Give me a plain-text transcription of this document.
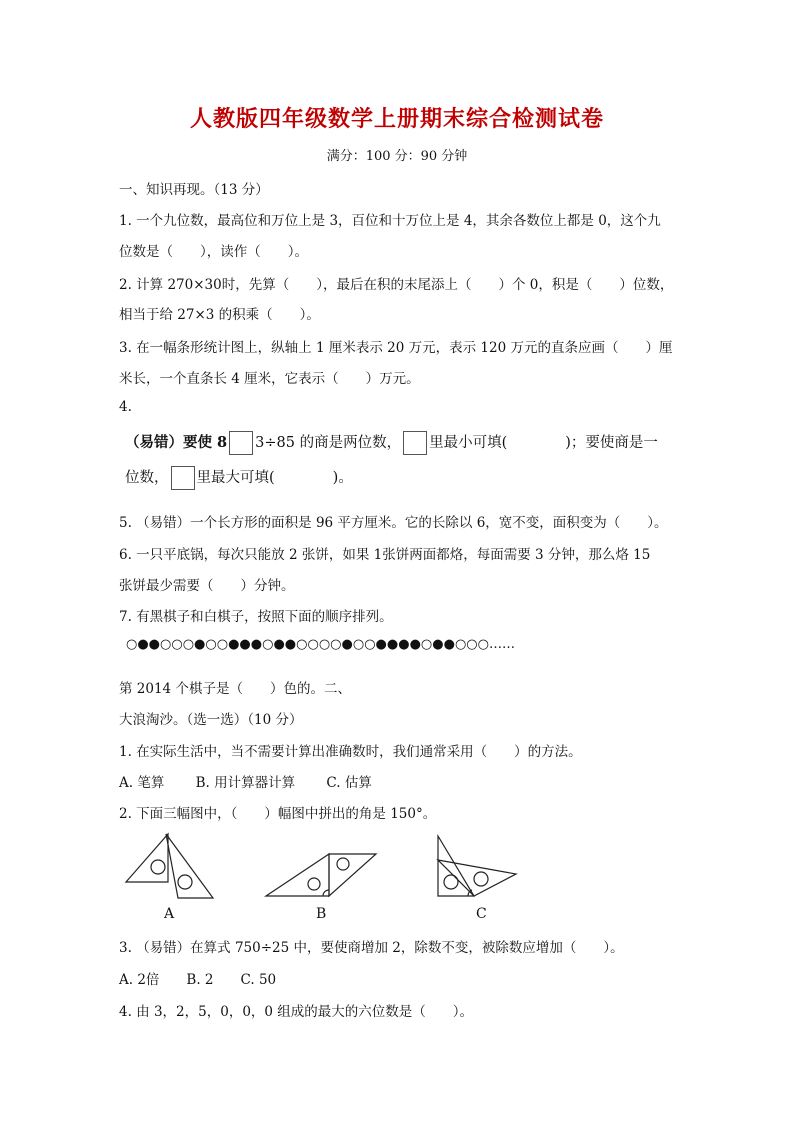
人教版四年级数学上册期末综合检测试卷
满分：100 分：90 分钟
一、知识再现。（13 分）
1. 一个九位数，最高位和万位上是 3，百位和十万位上是 4，其余各数位上都是 0，这个九
位数是（　　），读作（　　）。
2. 计算 270×30时，先算（　　），最后在积的末尾添上（　　）个 0，积是（　　）位数，
相当于给 27×3 的积乘（　　）。
3. 在一幅条形统计图上，纵轴上 1 厘米表示 20 万元，表示 120 万元的直条应画（　　）厘
米长，一个直条长 4 厘米，它表示（　　）万元。
4.
（易错）要使 8 3÷85 的商是两位数， 里最小可填(　　　　)；要使商是一
位数， 里最大可填(　　　　)。
5. （易错）一个长方形的面积是 96 平方厘米。它的长除以 6，宽不变，面积变为（　　）。
6. 一只平底锅，每次只能放 2 张饼，如果 1张饼两面都烙，每面需要 3 分钟，那么烙 15
张饼最少需要（　　）分钟。
7. 有黑棋子和白棋子，按照下面的顺序排列。
○●●○○○●○○●●●○●●○○○○●○○●●●●○●●○○○……
第 2014 个棋子是（　　）色的。二、
大浪淘沙。（选一选）（10 分）
1. 在实际生活中，当不需要计算出准确数时，我们通常采用（　　）的方法。
A. 笔算　　 B. 用计算器计算　　 C. 估算
2. 下面三幅图中，（　　）幅图中拼出的角是 150°。
A	B	C
3. （易错）在算式 750÷25 中，要使商增加 2，除数不变，被除数应增加（　　）。
A. 2倍　　B. 2　　C. 50
4. 由 3，2，5，0，0，0 组成的最大的六位数是（　　）。
